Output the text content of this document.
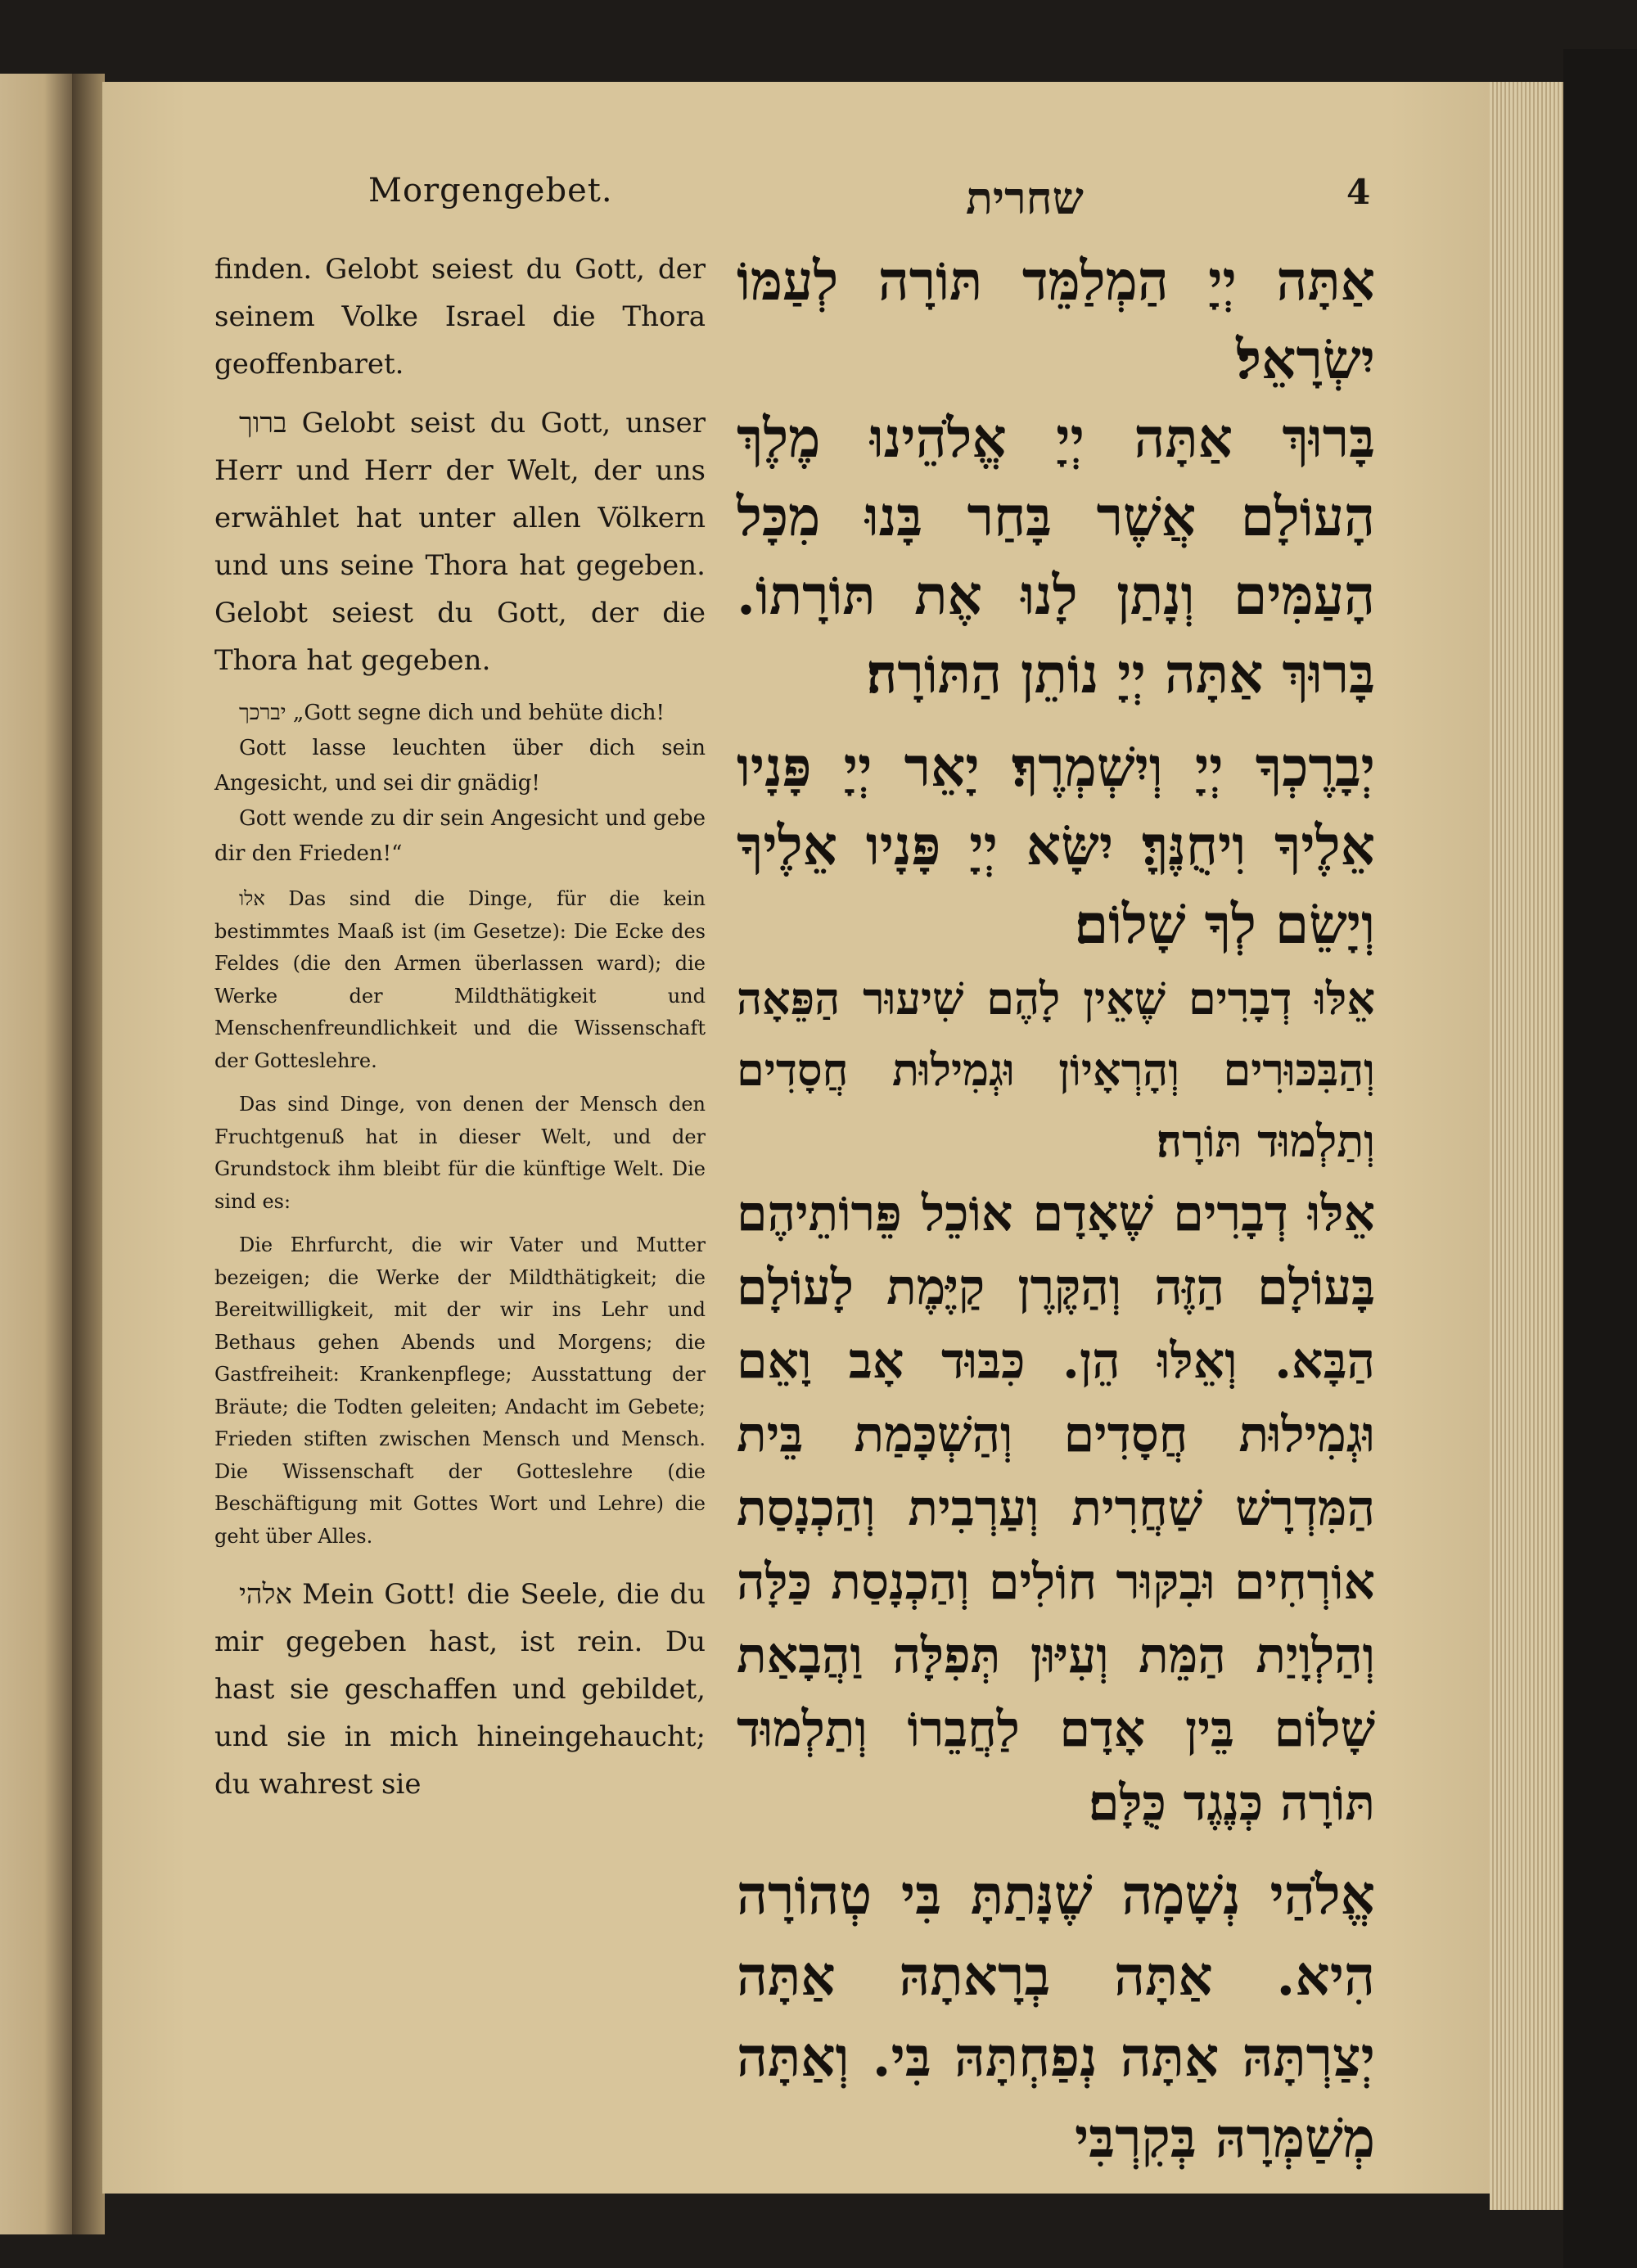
Morgengebet.	שחרית	4

finden. Gelobt seiest du Gott, der seinem Volke Israel die Thora geoffenbaret.

ברוך Gelobt seist du Gott, unser Herr und Herr der Welt, der uns erwählet hat unter allen Völkern und uns seine Thora hat gegeben. Gelobt seiest du Gott, der die Thora hat gegeben.

יברכך „Gott segne dich und behüte dich!

Gott lasse leuchten über dich sein Angesicht, und sei dir gnädig!

Gott wende zu dir sein Angesicht und gebe dir den Frieden!“

אלו Das sind die Dinge, für die kein bestimmtes Maaß ist (im Gesetze): Die Ecke des Feldes (die den Armen überlassen ward); die Werke der Mildthätigkeit und Menschenfreundlichkeit und die Wissenschaft der Gotteslehre.

Das sind Dinge, von denen der Mensch den Fruchtgenuß hat in dieser Welt, und der Grundstock ihm bleibt für die künftige Welt. Die sind es:

Die Ehrfurcht, die wir Vater und Mutter bezeigen; die Werke der Mildthätigkeit; die Bereitwilligkeit, mit der wir ins Lehr und Bethaus gehen Abends und Morgens; die Gastfreiheit: Krankenpflege; Ausstattung der Bräute; die Todten geleiten; Andacht im Gebete; Frieden stiften zwischen Mensch und Mensch. Die Wissenschaft der Gotteslehre (die Beschäftigung mit Gottes Wort und Lehre) die geht über Alles.

אלהי Mein Gott! die Seele, die du mir gegeben hast, ist rein. Du hast sie geschaffen und gebildet, und sie in mich hineingehaucht; du wahrest sie

אַתָּה יְיָ הַמְלַמֵּד תּוֹרָה לְעַמּוֹ יִשְׂרָאֵל׃

בָּרוּךְ אַתָּה יְיָ אֱלֹהֵינוּ מֶלֶךְ הָעוֹלָם אֲשֶׁר בָּחַר בָּנוּ מִכָּל הָעַמִּים וְנָתַן לָנוּ אֶת תּוֹרָתוֹ. בָּרוּךְ אַתָּה יְיָ נוֹתֵן הַתּוֹרָה׃

יְבָרֶכְךָ יְיָ וְיִשְׁמְרֶךָ׃ יָאֵר יְיָ פָּנָיו אֵלֶיךָ וִיחֻנֶּךָּ׃ יִשָּׂא יְיָ פָּנָיו אֵלֶיךָ וְיָשֵׂם לְךָ שָׁלוֹם׃

אֵלּוּ דְבָרִים שֶׁאֵין לָהֶם שִׁיעוּר הַפֵּאָה וְהַבִּכּוּרִים וְהָרְאָיוֹן וּגְמִילוּת חֲסָדִים וְתַלְמוּד תּוֹרָה׃

אֵלּוּ דְבָרִים שֶׁאָדָם אוֹכֵל פֵּרוֹתֵיהֶם בָּעוֹלָם הַזֶּה וְהַקֶּרֶן קַיֶּמֶת לָעוֹלָם הַבָּא. וְאֵלּוּ הֵן. כִּבּוּד אָב וָאֵם וּגְמִילוּת חֲסָדִים וְהַשְׁכָּמַת בֵּית הַמִּדְרָשׁ שַׁחֲרִית וְעַרְבִית וְהַכְנָסַת אוֹרְחִים וּבִקּוּר חוֹלִים וְהַכְנָסַת כַּלָּה וְהַלְוָיַת הַמֵּת וְעִיּוּן תְּפִלָּה וַהֲבָאַת שָׁלוֹם בֵּין אָדָם לַחֲבֵרוֹ וְתַלְמוּד תּוֹרָה כְּנֶגֶד כֻּלָּם׃

אֱלֹהַי נְשָׁמָה שֶׁנָּתַתָּ בִּי טְהוֹרָה הִיא. אַתָּה בְרָאתָהּ אַתָּה יְצַרְתָּהּ אַתָּה נְפַחְתָּהּ בִּי. וְאַתָּה מְשַׁמְּרָהּ בְּקִרְבִּי
